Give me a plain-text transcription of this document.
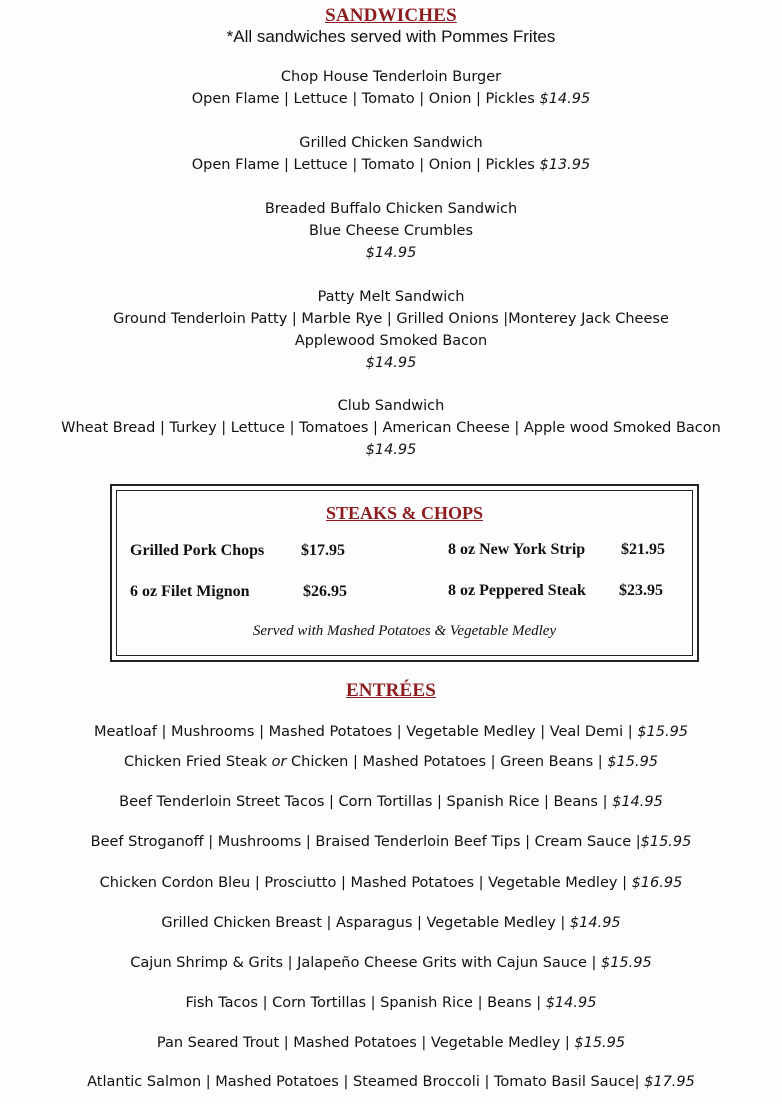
SANDWICHES
*All sandwiches served with Pommes Frites
Chop House Tenderloin Burger
Open Flame | Lettuce | Tomato | Onion | Pickles $14.95
Grilled Chicken Sandwich
Open Flame | Lettuce | Tomato | Onion | Pickles $13.95
Breaded Buffalo Chicken Sandwich
Blue Cheese Crumbles
$14.95
Patty Melt Sandwich
Ground Tenderloin Patty | Marble Rye | Grilled Onions |Monterey Jack Cheese
Applewood Smoked Bacon
$14.95
Club Sandwich
Wheat Bread | Turkey | Lettuce | Tomatoes | American Cheese | Apple wood Smoked Bacon
$14.95
STEAKS & CHOPS
Grilled Pork Chops $17.95	8 oz New York Strip $21.95
6 oz Filet Mignon	$26.95	8 oz Peppered Steak $23.95
Served with Mashed Potatoes & Vegetable Medley
ENTRÉES
Meatloaf | Mushrooms | Mashed Potatoes | Vegetable Medley | Veal Demi | $15.95
Chicken Fried Steak or Chicken | Mashed Potatoes | Green Beans | $15.95
Beef Tenderloin Street Tacos | Corn Tortillas | Spanish Rice | Beans | $14.95
Beef Stroganoff | Mushrooms | Braised Tenderloin Beef Tips | Cream Sauce |$15.95
Chicken Cordon Bleu | Prosciutto | Mashed Potatoes | Vegetable Medley | $16.95
Grilled Chicken Breast | Asparagus | Vegetable Medley | $14.95
Cajun Shrimp & Grits | Jalapeño Cheese Grits with Cajun Sauce | $15.95
Fish Tacos | Corn Tortillas | Spanish Rice | Beans | $14.95
Pan Seared Trout | Mashed Potatoes | Vegetable Medley | $15.95
Atlantic Salmon | Mashed Potatoes | Steamed Broccoli | Tomato Basil Sauce| $17.95
